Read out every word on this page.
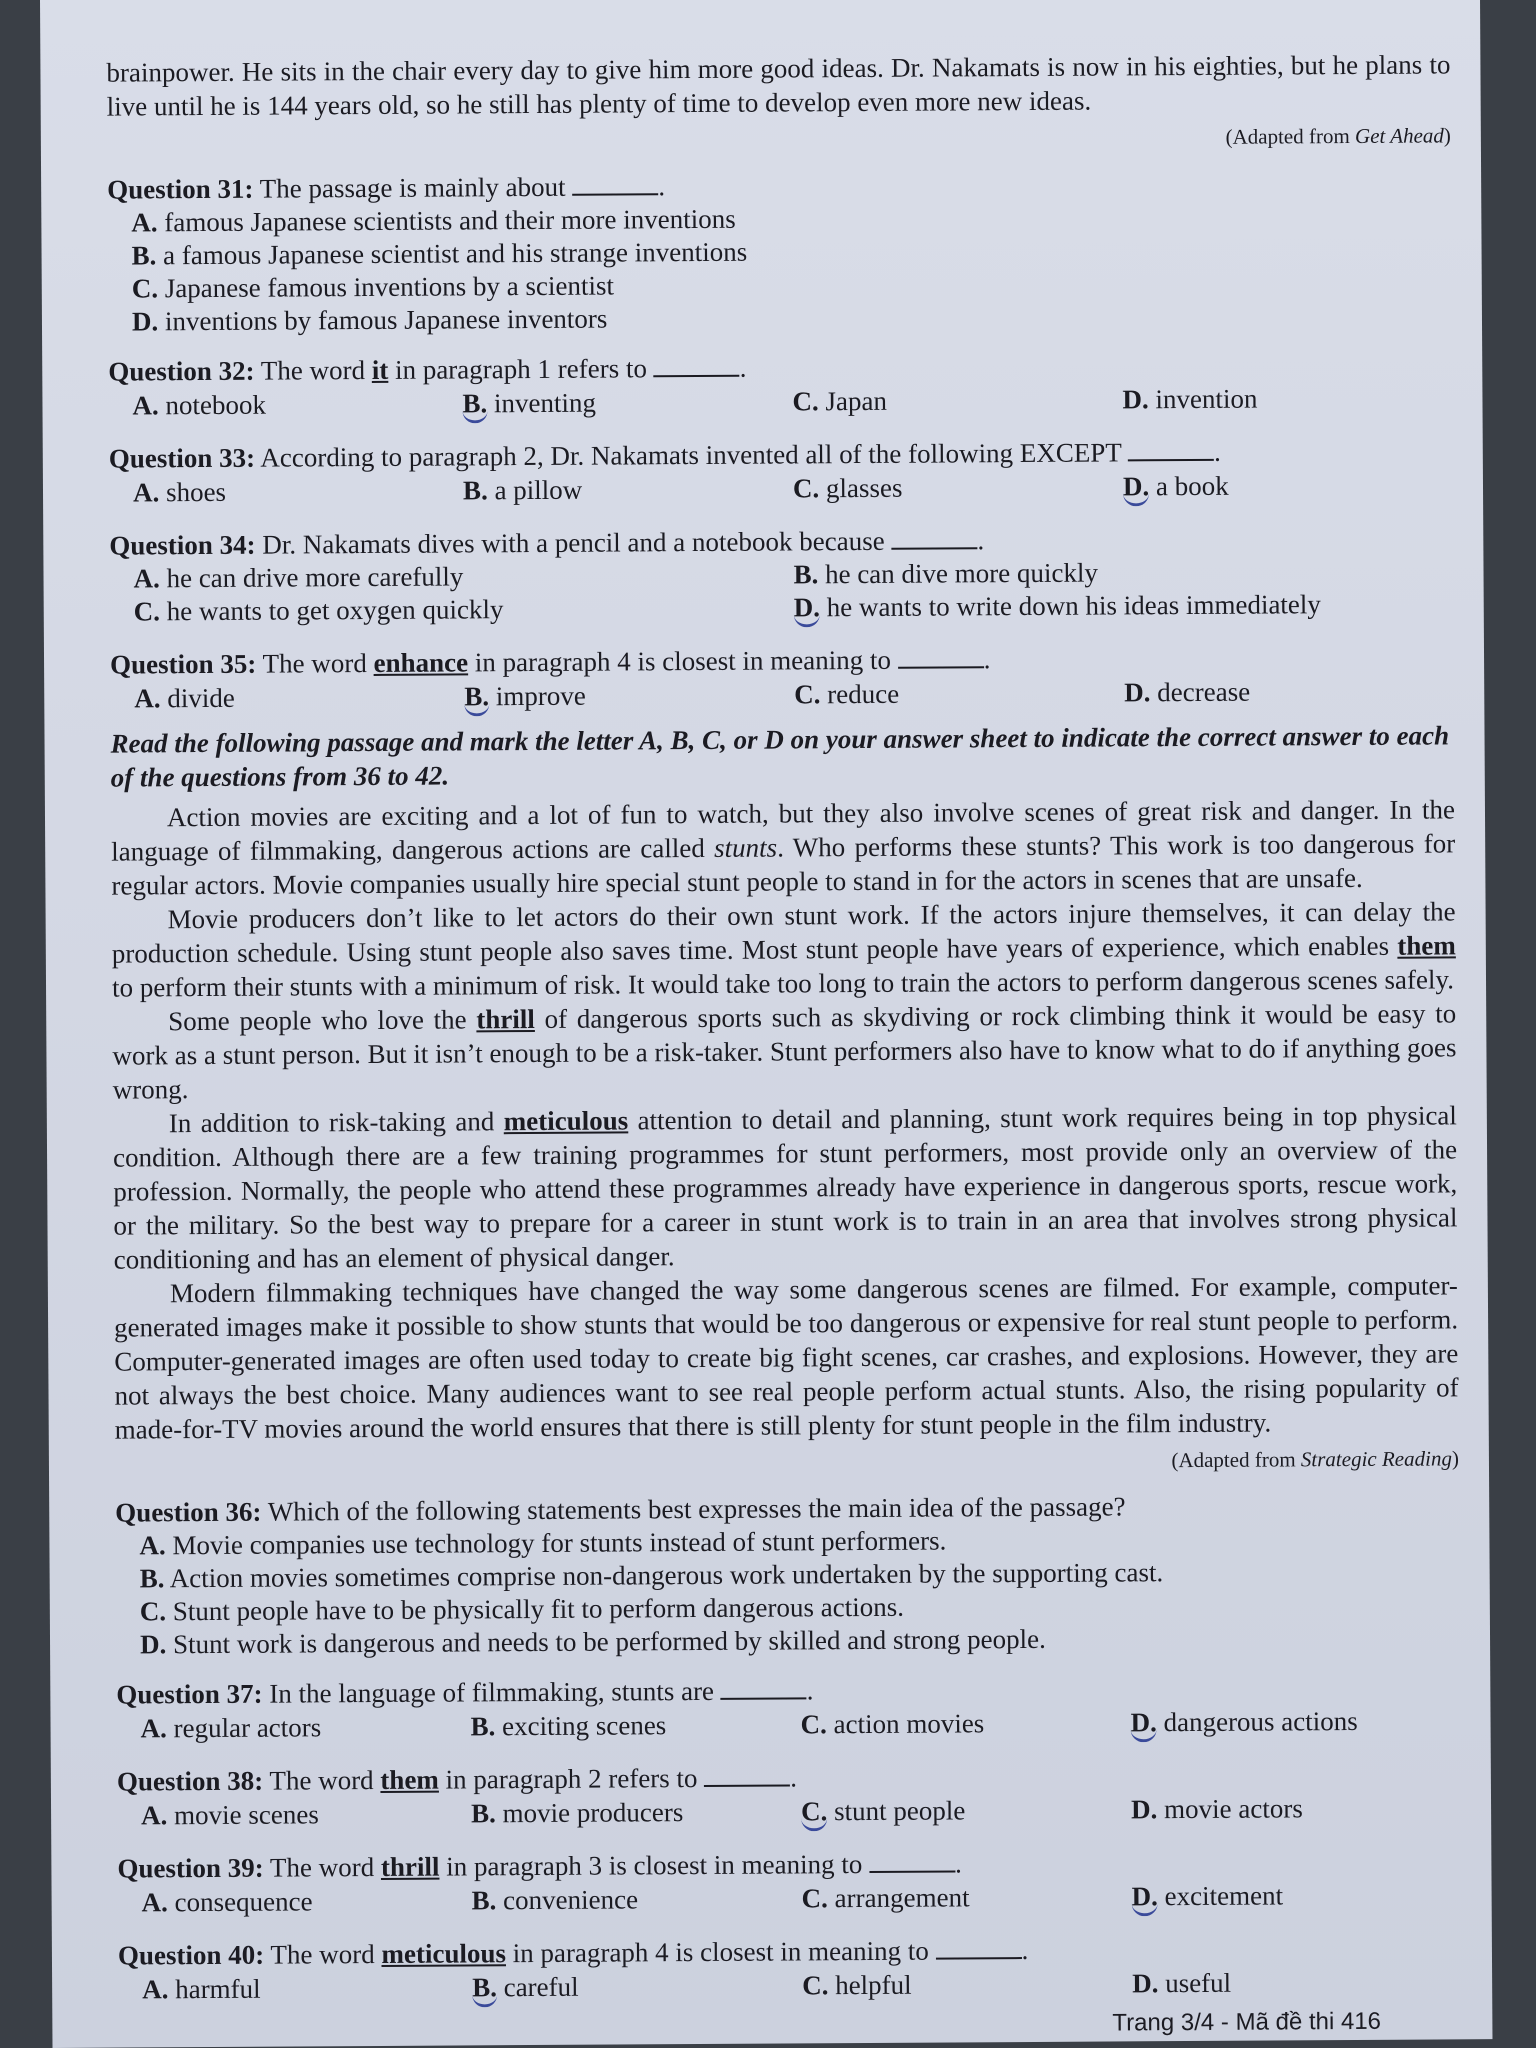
brainpower. He sits in the chair every day to give him more good ideas. Dr. Nakamats is now in his eighties, but he plans to live until he is 144 years old, so he still has plenty of time to develop even more new ideas.

(Adapted from Get Ahead)
Question 31: The passage is mainly about	.
A. famous Japanese scientists and their more inventions
B. a famous Japanese scientist and his strange inventions
C. Japanese famous inventions by a scientist
D. inventions by famous Japanese inventors
Question 32: The word it in paragraph 1 refers to	.
A. notebook	B. inventing	C. Japan	D. invention
Question 33: According to paragraph 2, Dr. Nakamats invented all of the following EXCEPT	.
A. shoes	B. a pillow	C. glasses	D. a book
Question 34: Dr. Nakamats dives with a pencil and a notebook because	.
A. he can drive more carefully	B. he can dive more quickly
C. he wants to get oxygen quickly	D. he wants to write down his ideas immediately
Question 35: The word enhance in paragraph 4 is closest in meaning to	.
A. divide	B. improve	C. reduce	D. decrease

Read the following passage and mark the letter A, B, C, or D on your answer sheet to indicate the correct answer to each of the questions from 36 to 42.

Action movies are exciting and a lot of fun to watch, but they also involve scenes of great risk and danger. In the language of filmmaking, dangerous actions are called stunts. Who performs these stunts? This work is too dangerous for regular actors. Movie companies usually hire special stunt people to stand in for the actors in scenes that are unsafe.

Movie producers don’t like to let actors do their own stunt work. If the actors injure themselves, it can delay the production schedule. Using stunt people also saves time. Most stunt people have years of experience, which enables them to perform their stunts with a minimum of risk. It would take too long to train the actors to perform dangerous scenes safely.

Some people who love the thrill of dangerous sports such as skydiving or rock climbing think it would be easy to work as a stunt person. But it isn’t enough to be a risk-taker. Stunt performers also have to know what to do if anything goes wrong.

In addition to risk-taking and meticulous attention to detail and planning, stunt work requires being in top physical condition. Although there are a few training programmes for stunt performers, most provide only an overview of the profession. Normally, the people who attend these programmes already have experience in dangerous sports, rescue work, or the military. So the best way to prepare for a career in stunt work is to train in an area that involves strong physical conditioning and has an element of physical danger.

Modern filmmaking techniques have changed the way some dangerous scenes are filmed. For example, computer-generated images make it possible to show stunts that would be too dangerous or expensive for real stunt people to perform. Computer-generated images are often used today to create big fight scenes, car crashes, and explosions. However, they are not always the best choice. Many audiences want to see real people perform actual stunts. Also, the rising popularity of made-for-TV movies around the world ensures that there is still plenty for stunt people in the film industry.

(Adapted from Strategic Reading)
Question 36: Which of the following statements best expresses the main idea of the passage?
A. Movie companies use technology for stunts instead of stunt performers.
B. Action movies sometimes comprise non-dangerous work undertaken by the supporting cast.
C. Stunt people have to be physically fit to perform dangerous actions.
D. Stunt work is dangerous and needs to be performed by skilled and strong people.
Question 37: In the language of filmmaking, stunts are	.
A. regular actors	B. exciting scenes	C. action movies	D. dangerous actions
Question 38: The word them in paragraph 2 refers to	.
A. movie scenes	B. movie producers	C. stunt people	D. movie actors
Question 39: The word thrill in paragraph 3 is closest in meaning to	.
A. consequence	B. convenience	C. arrangement	D. excitement
Question 40: The word meticulous in paragraph 4 is closest in meaning to	.
A. harmful	B. careful	C. helpful	D. useful
Trang 3/4 - Mã đề thi 416
